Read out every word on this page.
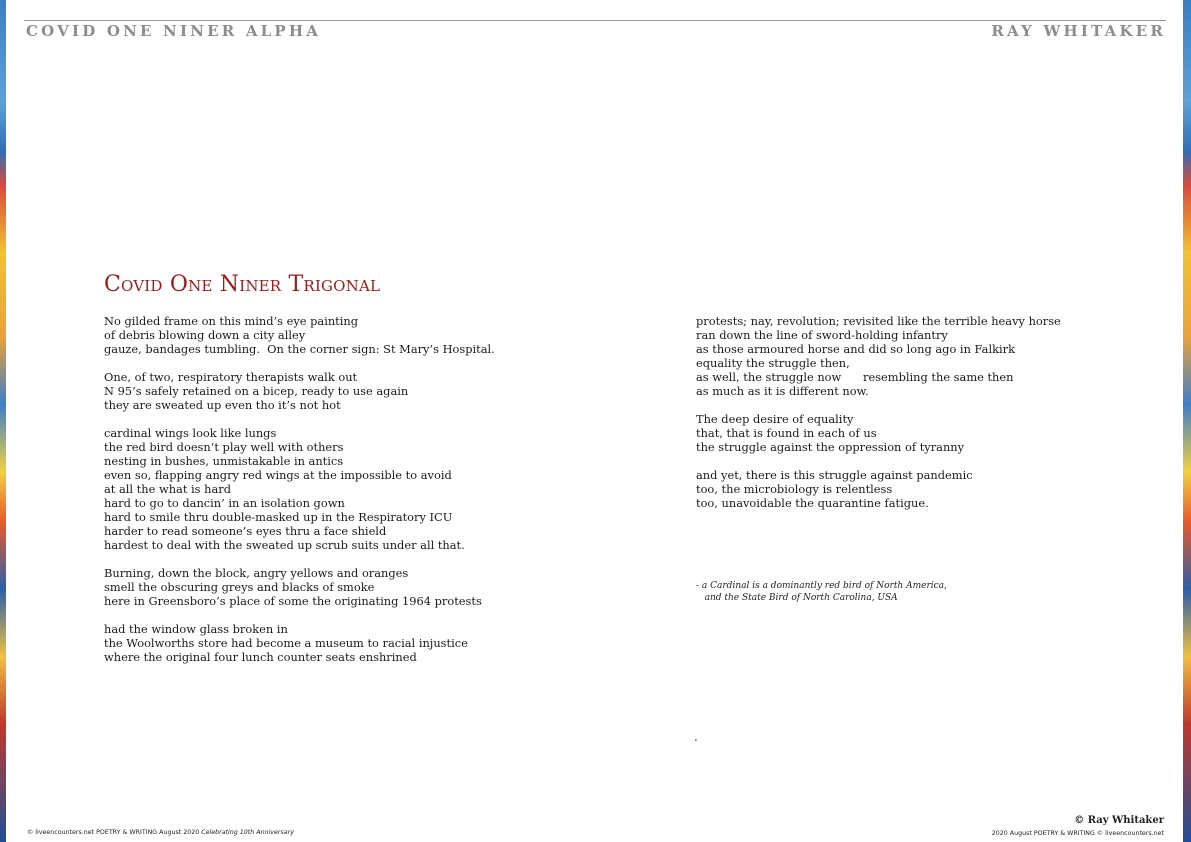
COVID ONE NINER ALPHA	RAY WHITAKER
Covid One Niner Trigonal
No gilded frame on this mind’s eye painting
of debris blowing down a city alley
gauze, bandages tumbling.  On the corner sign: St Mary’s Hospital.

One, of two, respiratory therapists walk out
N 95’s safely retained on a bicep, ready to use again
they are sweated up even tho it’s not hot

cardinal wings look like lungs
the red bird doesn’t play well with others
nesting in bushes, unmistakable in antics
even so, flapping angry red wings at the impossible to avoid
at all the what is hard
hard to go to dancin’ in an isolation gown
hard to smile thru double-masked up in the Respiratory ICU
harder to read someone’s eyes thru a face shield
hardest to deal with the sweated up scrub suits under all that.

Burning, down the block, angry yellows and oranges
smell the obscuring greys and blacks of smoke
here in Greensboro’s place of some the originating 1964 protests

had the window glass broken in
the Woolworths store had become a museum to racial injustice
where the original four lunch counter seats enshrined
protests; nay, revolution; revisited like the terrible heavy horse
ran down the line of sword-holding infantry
as those armoured horse and did so long ago in Falkirk
equality the struggle then,
as well, the struggle now      resembling the same then
as much as it is different now.

The deep desire of equality
that, that is found in each of us
the struggle against the oppression of tyranny

and yet, there is this struggle against pandemic
too, the microbiology is relentless
too, unavoidable the quarantine fatigue.
- a Cardinal is a dominantly red bird of North America,
and the State Bird of North Carolina, USA
.
© liveencounters.net POETRY & WRITING August 2020 Celebrating 10th Anniversary
© Ray Whitaker
2020 August POETRY & WRITING © liveencounters.net
